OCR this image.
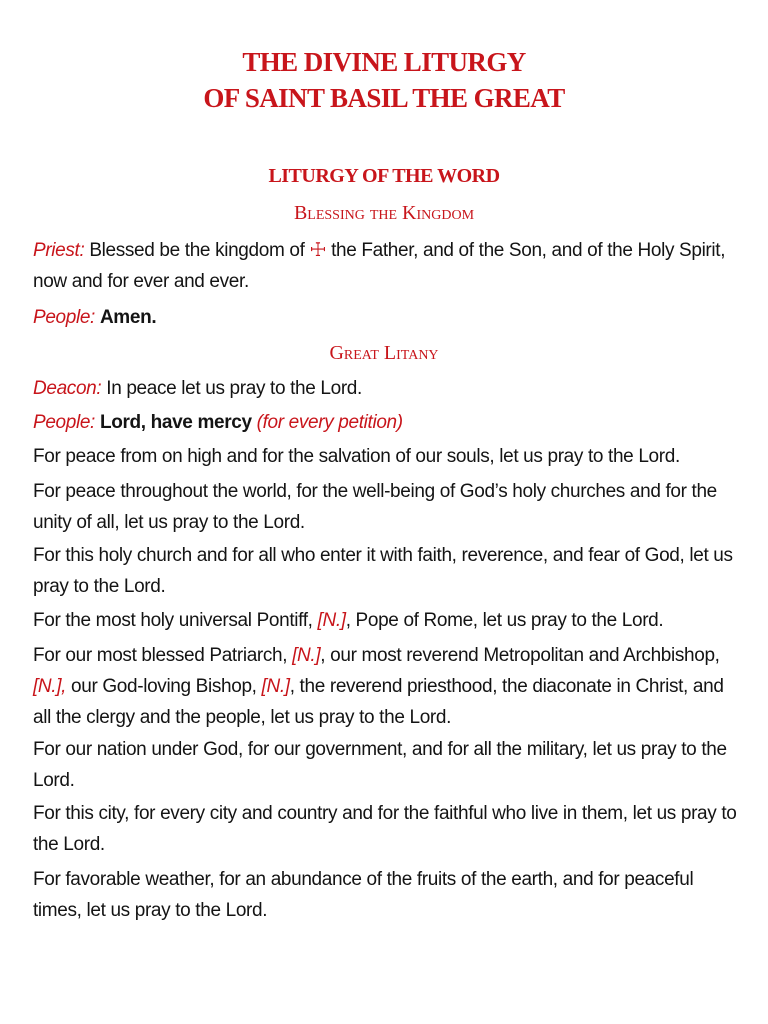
THE DIVINE LITURGY
OF SAINT BASIL THE GREAT
LITURGY OF THE WORD
Blessing the Kingdom
Priest: Blessed be the kingdom of ☩ the Father, and of the Son, and of the Holy Spirit, now and for ever and ever.
People: Amen.
Great Litany
Deacon: In peace let us pray to the Lord.
People: Lord, have mercy (for every petition)
For peace from on high and for the salvation of our souls, let us pray to the Lord.
For peace throughout the world, for the well-being of God’s holy churches and for the unity of all, let us pray to the Lord.
For this holy church and for all who enter it with faith, reverence, and fear of God, let us pray to the Lord.
For the most holy universal Pontiff, [N.], Pope of Rome, let us pray to the Lord.
For our most blessed Patriarch, [N.], our most reverend Metropolitan and Archbishop, [N.], our God-loving Bishop, [N.], the reverend priesthood, the diaconate in Christ, and all the clergy and the people, let us pray to the Lord.
For our nation under God, for our government, and for all the military, let us pray to the Lord.
For this city, for every city and country and for the faithful who live in them, let us pray to the Lord.
For favorable weather, for an abundance of the fruits of the earth, and for peaceful times, let us pray to the Lord.
